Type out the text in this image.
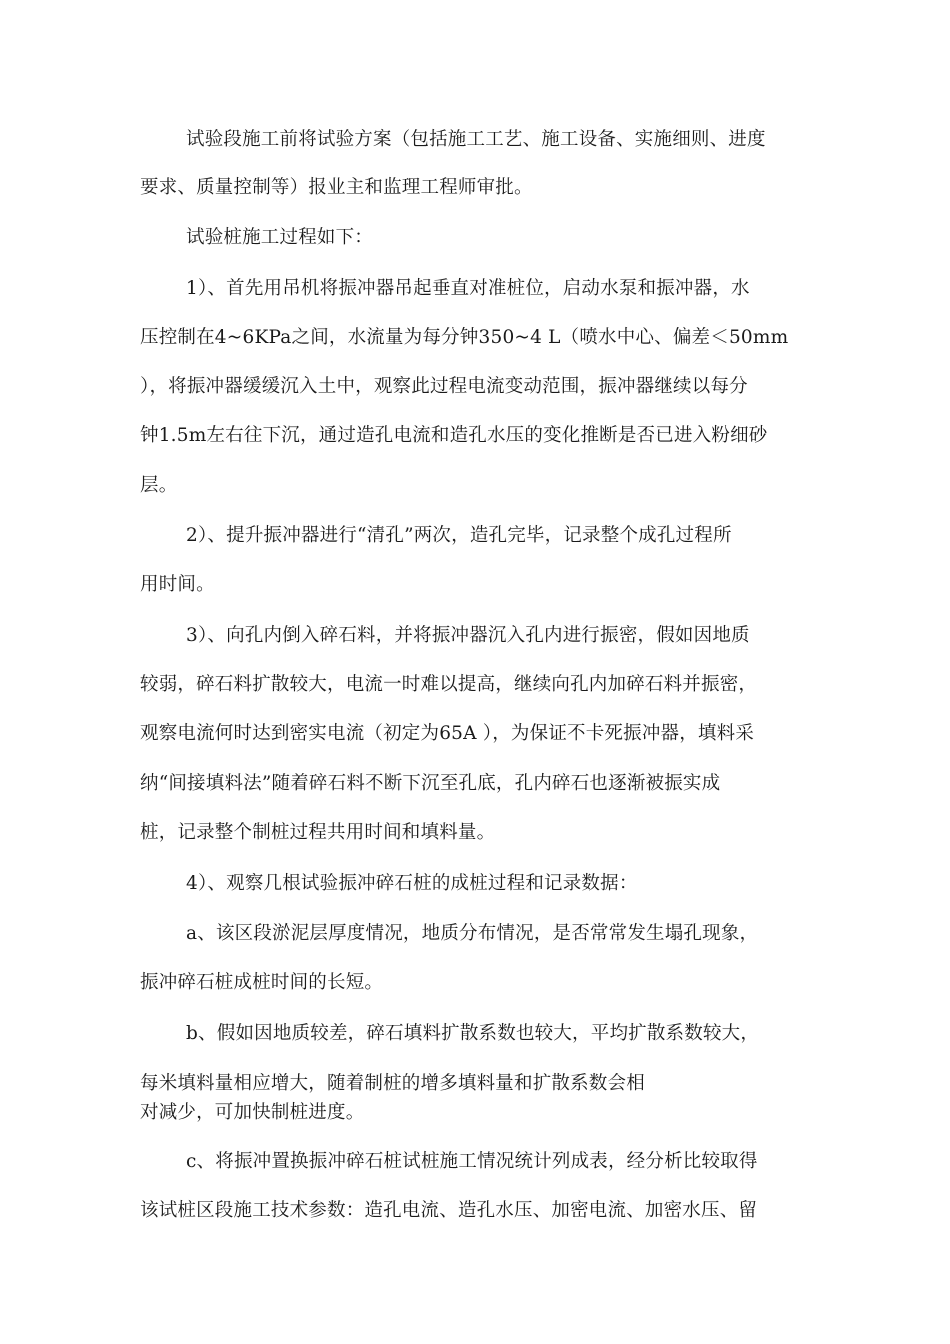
试验段施工前将试验方案（包括施工工艺、施工设备、实施细则、进度
要求、质量控制等）报业主和监理工程师审批。
试验桩施工过程如下：
1）、首先用吊机将振冲器吊起垂直对准桩位，启动水泵和振冲器，水
压控制在4~6KPa之间，水流量为每分钟350~4 L（喷水中心、偏差＜50mm
），将振冲器缓缓沉入土中，观察此过程电流变动范围，振冲器继续以每分
钟1.5m左右往下沉，通过造孔电流和造孔水压的变化推断是否已进入粉细砂
层。
2）、提升振冲器进行“清孔”两次，造孔完毕，记录整个成孔过程所
用时间。
3）、向孔内倒入碎石料，并将振冲器沉入孔内进行振密，假如因地质
较弱，碎石料扩散较大，电流一时难以提高，继续向孔内加碎石料并振密，
观察电流何时达到密实电流（初定为65A ），为保证不卡死振冲器，填料采
纳“间接填料法”随着碎石料不断下沉至孔底，孔内碎石也逐渐被振实成
桩，记录整个制桩过程共用时间和填料量。
4）、观察几根试验振冲碎石桩的成桩过程和记录数据：
a、该区段淤泥层厚度情况，地质分布情况，是否常常发生塌孔现象，
振冲碎石桩成桩时间的长短。
b、假如因地质较差，碎石填料扩散系数也较大，平均扩散系数较大，
每米填料量相应增大，随着制桩的增多填料量和扩散系数会相
对减少，可加快制桩进度。
c、将振冲置换振冲碎石桩试桩施工情况统计列成表，经分析比较取得
该试桩区段施工技术参数：造孔电流、造孔水压、加密电流、加密水压、留
